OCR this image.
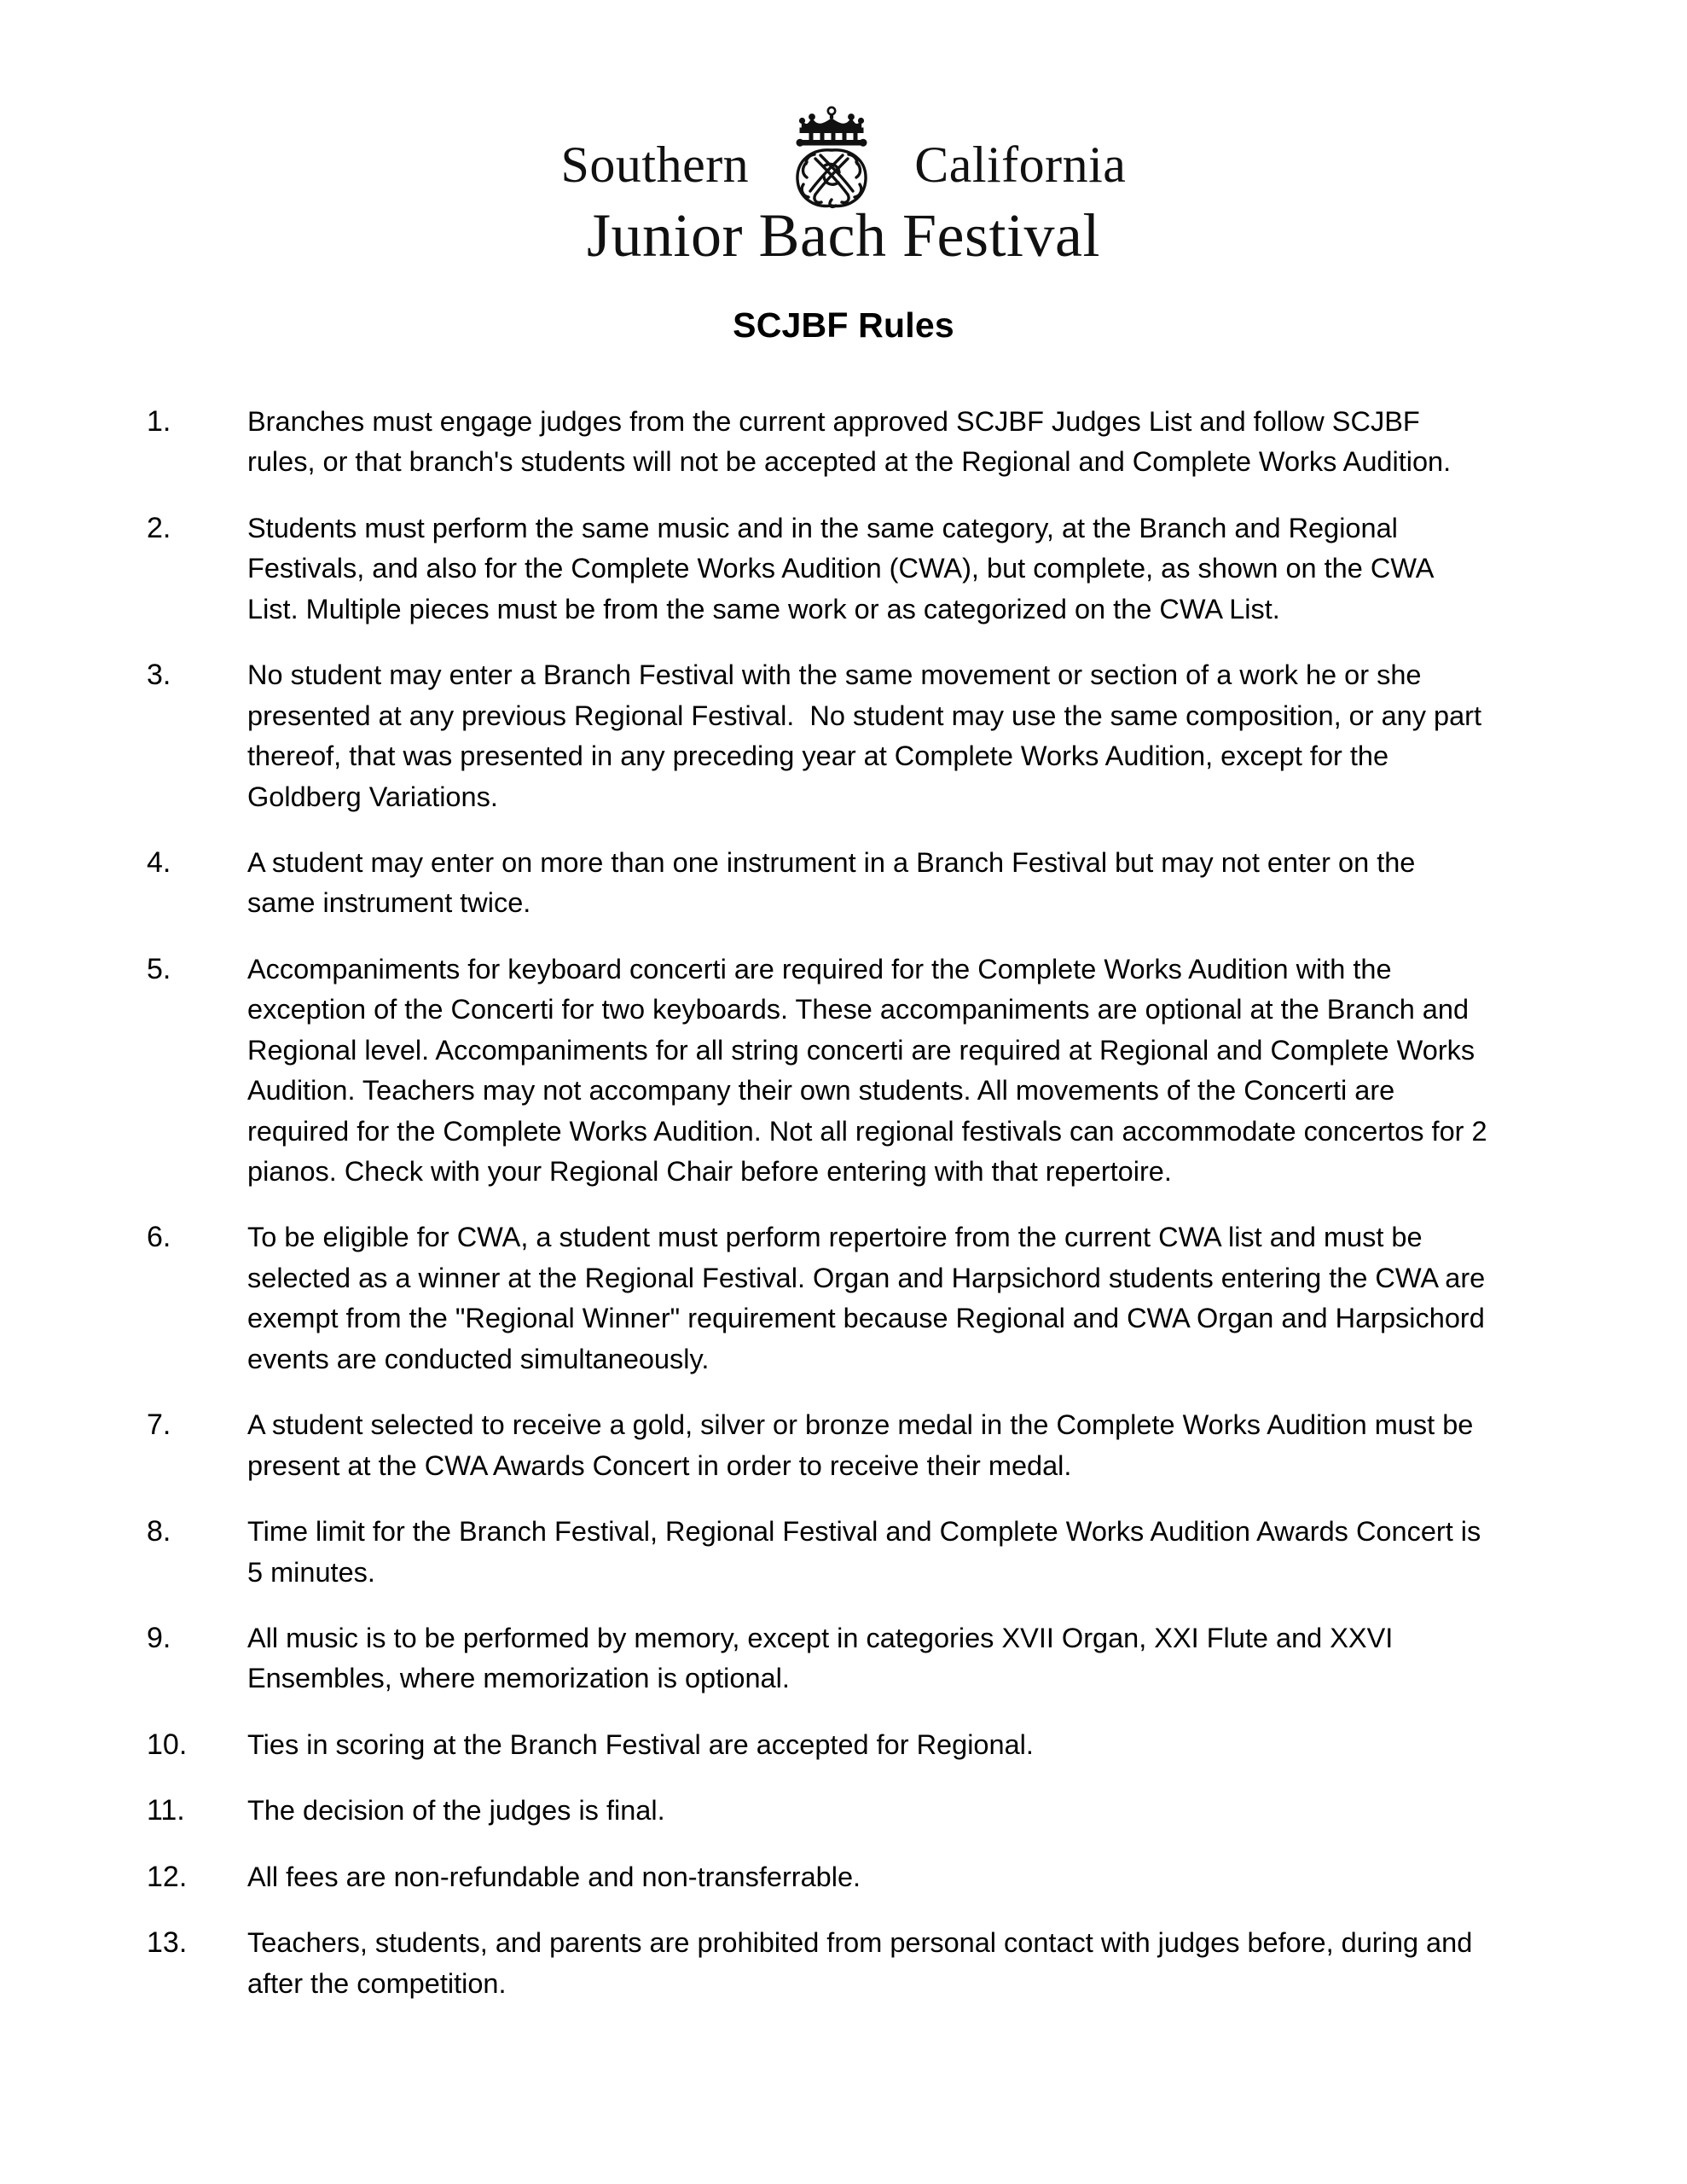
Southern	California
Junior Bach Festival
SCJBF Rules
1.	Branches must engage judges from the current approved SCJBF Judges List and follow SCJBF rules, or that branch's students will not be accepted at the Regional and Complete Works Audition.
2.	Students must perform the same music and in the same category, at the Branch and Regional Festivals, and also for the Complete Works Audition (CWA), but complete, as shown on the CWA List. Multiple pieces must be from the same work or as categorized on the CWA List.
3.	No student may enter a Branch Festival with the same movement or section of a work he or she presented at any previous Regional Festival.  No student may use the same composition, or any part thereof, that was presented in any preceding year at Complete Works Audition, except for the Goldberg Variations.
4.	A student may enter on more than one instrument in a Branch Festival but may not enter on the same instrument twice.
5.	Accompaniments for keyboard concerti are required for the Complete Works Audition with the exception of the Concerti for two keyboards. These accompaniments are optional at the Branch and Regional level. Accompaniments for all string concerti are required at Regional and Complete Works Audition. Teachers may not accompany their own students. All movements of the Concerti are required for the Complete Works Audition. Not all regional festivals can accommodate concertos for 2 pianos. Check with your Regional Chair before entering with that repertoire.
6.	To be eligible for CWA, a student must perform repertoire from the current CWA list and must be selected as a winner at the Regional Festival. Organ and Harpsichord students entering the CWA are exempt from the "Regional Winner" requirement because Regional and CWA Organ and Harpsichord events are conducted simultaneously.
7.	A student selected to receive a gold, silver or bronze medal in the Complete Works Audition must be present at the CWA Awards Concert in order to receive their medal.
8.	Time limit for the Branch Festival, Regional Festival and Complete Works Audition Awards Concert is 5 minutes.
9.	All music is to be performed by memory, except in categories XVII Organ, XXI Flute and XXVI Ensembles, where memorization is optional.
10.	Ties in scoring at the Branch Festival are accepted for Regional.
11.	The decision of the judges is final.
12.	All fees are non-refundable and non-transferrable.
13.	Teachers, students, and parents are prohibited from personal contact with judges before, during and after the competition.
